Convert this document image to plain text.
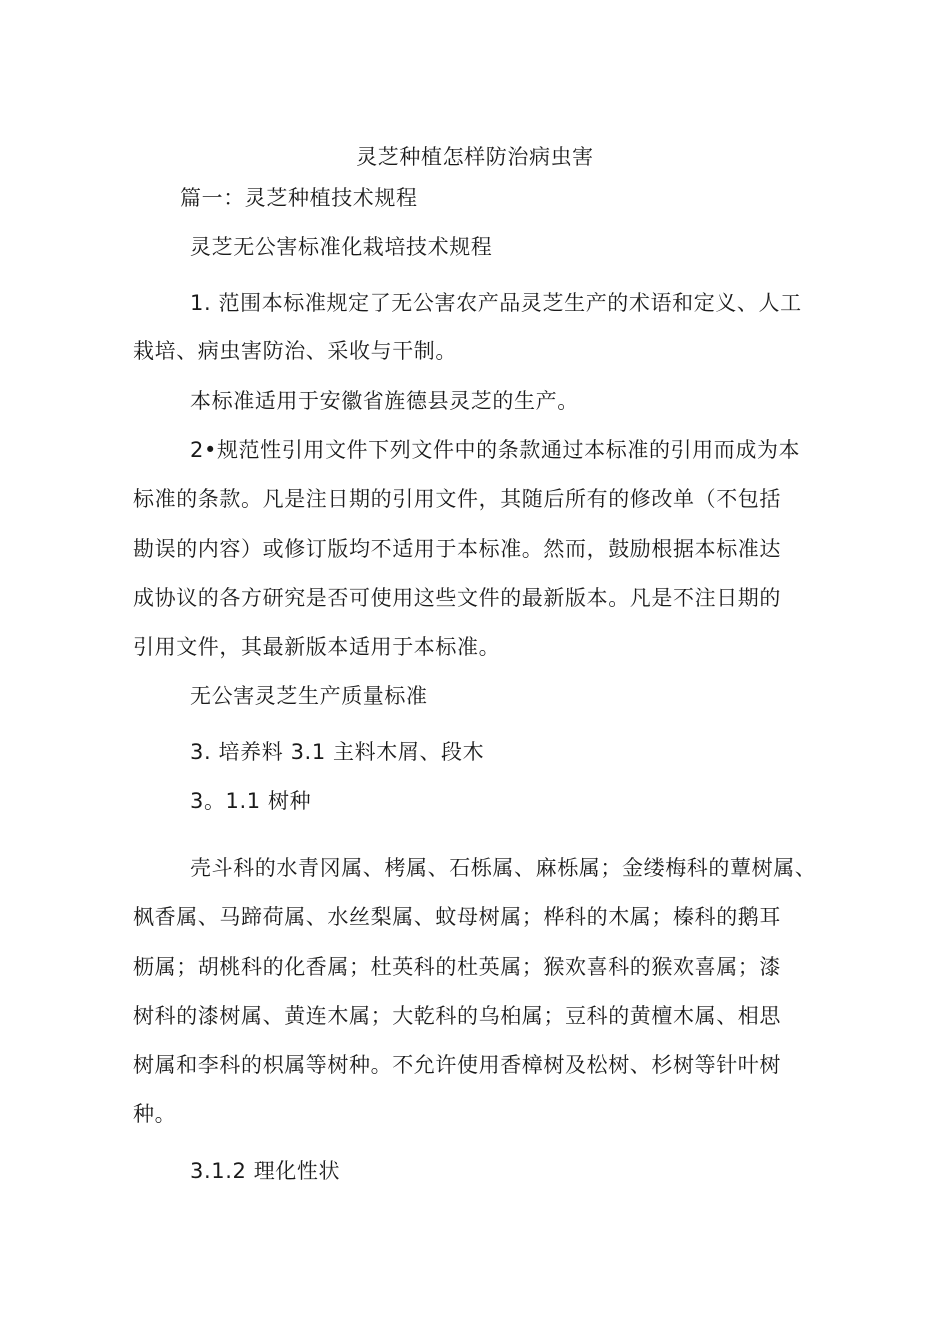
灵芝种植怎样防治病虫害
篇一：灵芝种植技术规程
灵芝无公害标准化栽培技术规程
1. 范围本标准规定了无公害农产品灵芝生产的术语和定义、人工
栽培、病虫害防治、采收与干制。
本标准适用于安徽省旌德县灵芝的生产。
2•规范性引用文件下列文件中的条款通过本标准的引用而成为本
标准的条款。凡是注日期的引用文件，其随后所有的修改单（不包括
勘误的内容）或修订版均不适用于本标准。然而，鼓励根据本标准达
成协议的各方研究是否可使用这些文件的最新版本。凡是不注日期的
引用文件，其最新版本适用于本标准。
无公害灵芝生产质量标准
3. 培养料 3.1 主料木屑、段木
3。1.1 树种
壳斗科的水青冈属、栲属、石栎属、麻栎属；金缕梅科的蕈树属、
枫香属、马蹄荷属、水丝梨属、蚊母树属；桦科的木属；榛科的鹅耳
枥属；胡桃科的化香属；杜英科的杜英属；猴欢喜科的猴欢喜属；漆
树科的漆树属、黄连木属；大乾科的乌桕属；豆科的黄檀木属、相思
树属和李科的枳属等树种。不允许使用香樟树及松树、杉树等针叶树
种。
3.1.2 理化性状
